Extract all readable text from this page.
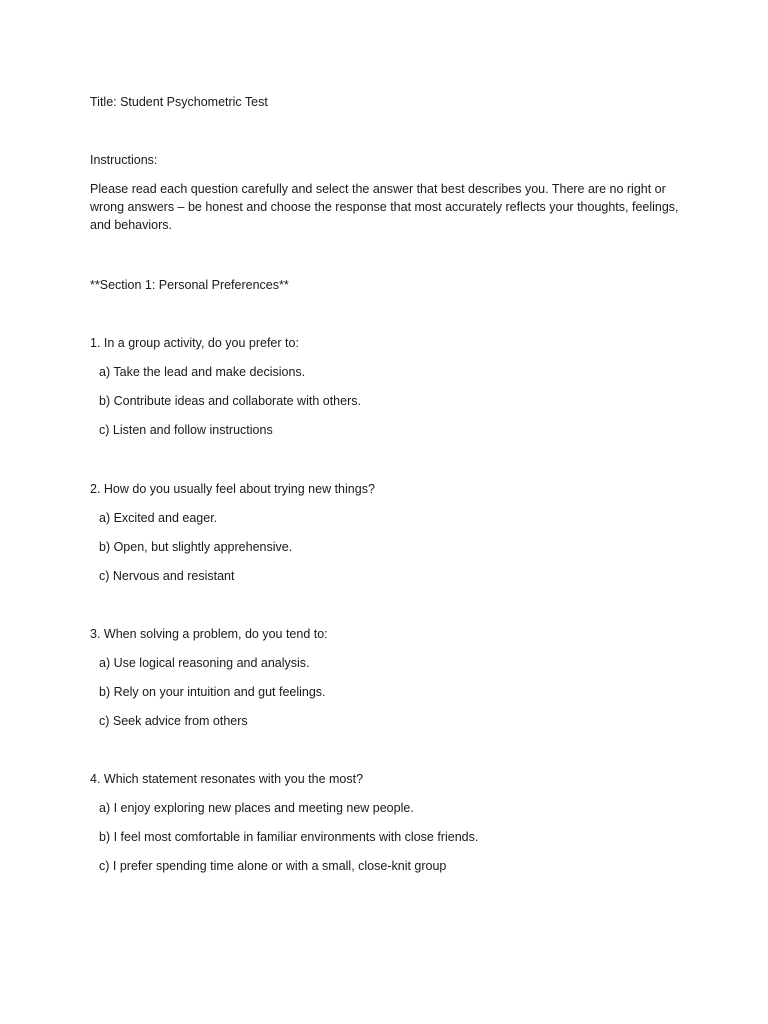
Title: Student Psychometric Test
Instructions:
Please read each question carefully and select the answer that best describes you. There are no right or wrong answers – be honest and choose the response that most accurately reflects your thoughts, feelings, and behaviors.
**Section 1: Personal Preferences**
1. In a group activity, do you prefer to:
a) Take the lead and make decisions.
b) Contribute ideas and collaborate with others.
c) Listen and follow instructions
2. How do you usually feel about trying new things?
a) Excited and eager.
b) Open, but slightly apprehensive.
c) Nervous and resistant
3. When solving a problem, do you tend to:
a) Use logical reasoning and analysis.
b) Rely on your intuition and gut feelings.
c) Seek advice from others
4. Which statement resonates with you the most?
a) I enjoy exploring new places and meeting new people.
b) I feel most comfortable in familiar environments with close friends.
c) I prefer spending time alone or with a small, close-knit group
